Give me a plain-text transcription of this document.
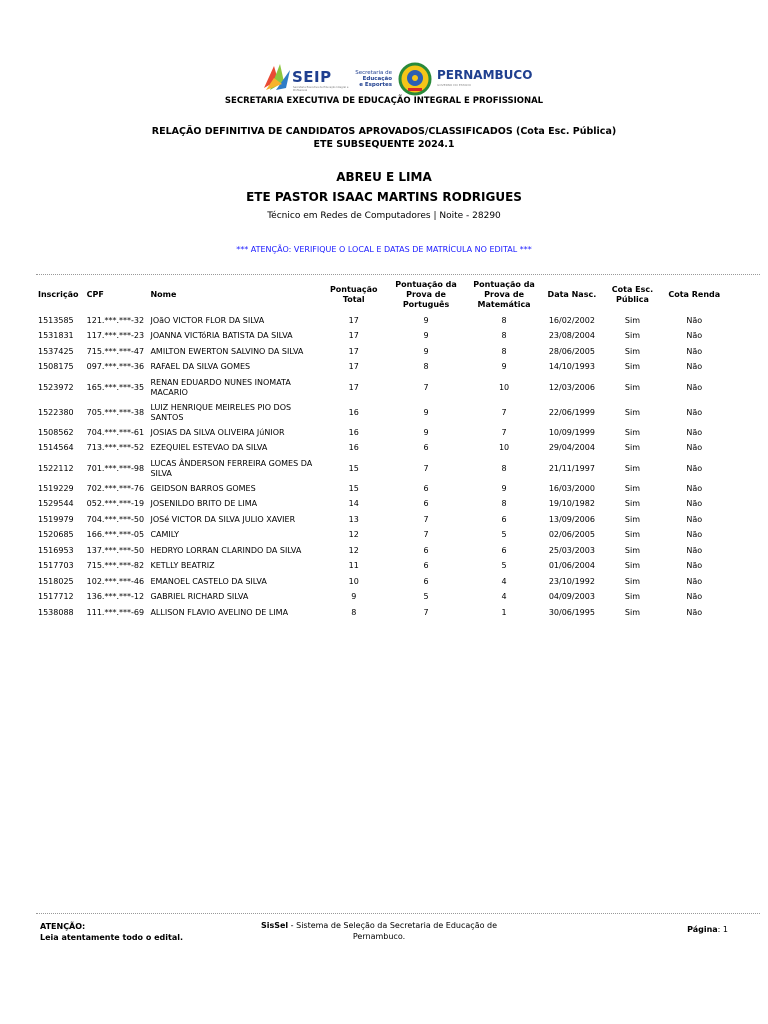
SEIP
Secretaria Executiva de Educação Integral e Profissional
Secretaria de
Educação
e Esportes
PERNAMBUCO
GOVERNO DO ESTADO
SECRETARIA EXECUTIVA DE EDUCAÇÃO INTEGRAL E PROFISSIONAL
RELAÇÃO DEFINITIVA DE CANDIDATOS APROVADOS/CLASSIFICADOS (Cota Esc. Pública)
ETE SUBSEQUENTE 2024.1
ABREU E LIMA
ETE PASTOR ISAAC MARTINS RODRIGUES
Técnico em Redes de Computadores | Noite - 28290
*** ATENÇÃO: VERIFIQUE O LOCAL E DATAS DE MATRÍCULA NO EDITAL ***
Inscrição	CPF	Nome	Pontuação Total	Pontuação da Prova de Português	Pontuação da Prova de Matemática	Data Nasc.	Cota Esc. Pública	Cota Renda
1513585	121.***.***-32	JOãO VICTOR FLOR DA SILVA	17	9	8	16/02/2002	Sim	Não
1531831	117.***.***-23	JOANNA VICTóRIA BATISTA DA SILVA	17	9	8	23/08/2004	Sim	Não
1537425	715.***.***-47	AMILTON EWERTON SALVINO DA SILVA	17	9	8	28/06/2005	Sim	Não
1508175	097.***.***-36	RAFAEL DA SILVA GOMES	17	8	9	14/10/1993	Sim	Não
1523972	165.***.***-35	RENAN EDUARDO NUNES INOMATA MACARIO	17	7	10	12/03/2006	Sim	Não
1522380	705.***.***-38	LUIZ HENRIQUE MEIRELES PIO DOS SANTOS	16	9	7	22/06/1999	Sim	Não
1508562	704.***.***-61	JOSIAS DA SILVA OLIVEIRA JúNIOR	16	9	7	10/09/1999	Sim	Não
1514564	713.***.***-52	EZEQUIEL ESTEVAO DA SILVA	16	6	10	29/04/2004	Sim	Não
1522112	701.***.***-98	LUCAS ÂNDERSON FERREIRA GOMES DA SILVA	15	7	8	21/11/1997	Sim	Não
1519229	702.***.***-76	GEIDSON BARROS GOMES	15	6	9	16/03/2000	Sim	Não
1529544	052.***.***-19	JOSENILDO BRITO DE LIMA	14	6	8	19/10/1982	Sim	Não
1519979	704.***.***-50	JOSé VICTOR DA SILVA JULIO XAVIER	13	7	6	13/09/2006	Sim	Não
1520685	166.***.***-05	CAMILY	12	7	5	02/06/2005	Sim	Não
1516953	137.***.***-50	HEDRYO LORRAN CLARINDO DA SILVA	12	6	6	25/03/2003	Sim	Não
1517703	715.***.***-82	KETLLY BEATRIZ	11	6	5	01/06/2004	Sim	Não
1518025	102.***.***-46	EMANOEL CASTELO DA SILVA	10	6	4	23/10/1992	Sim	Não
1517712	136.***.***-12	GABRIEL RICHARD SILVA	9	5	4	04/09/2003	Sim	Não
1538088	111.***.***-69	ALLISON FLAVIO AVELINO DE LIMA	8	7	1	30/06/1995	Sim	Não
ATENÇÃO:
Leia atentamente todo o edital.
SisSel - Sistema de Seleção da Secretaria de Educação de Pernambuco.
Página: 1
